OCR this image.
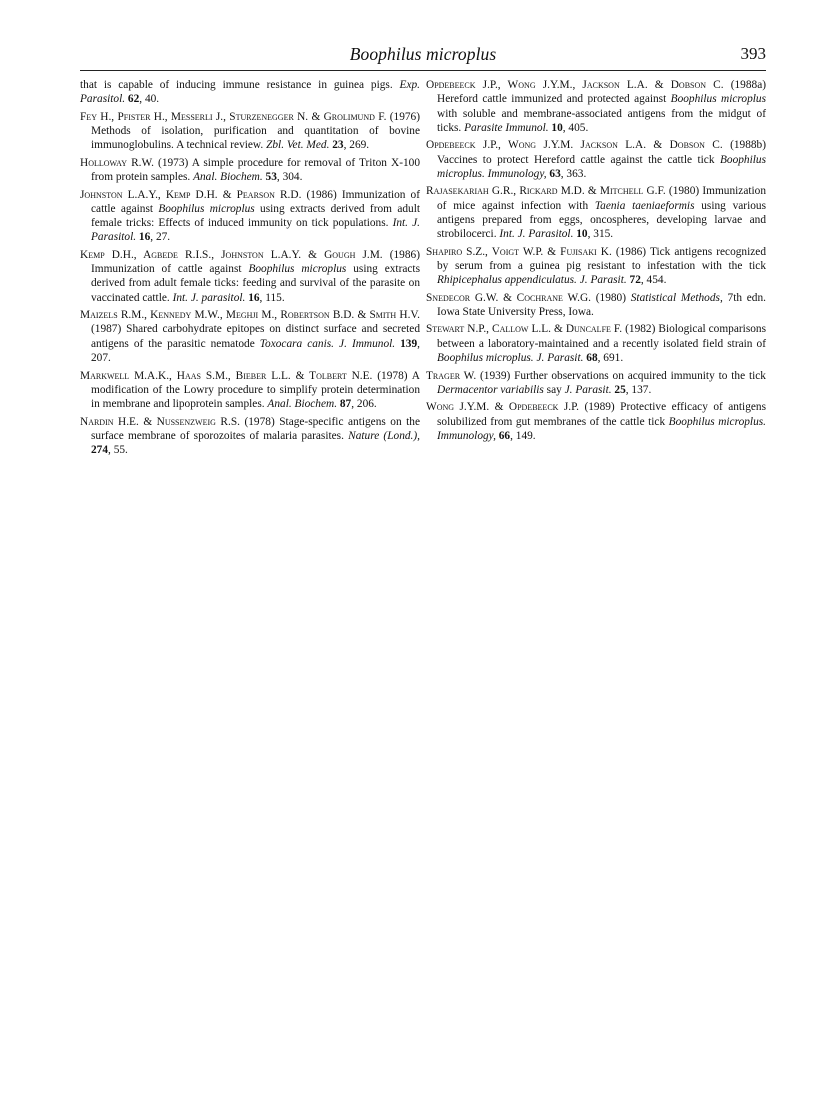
Boophilus microplus	393

that is capable of inducing immune resistance in guinea pigs. Exp. Parasitol. 62, 40.

Fey H., Pfister H., Messerli J., Sturzenegger N. & Grolimund F. (1976) Methods of isolation, purification and quantitation of bovine immunoglobulins. A technical review. Zbl. Vet. Med. 23, 269.

Holloway R.W. (1973) A simple procedure for removal of Triton X-100 from protein samples. Anal. Biochem. 53, 304.

Johnston L.A.Y., Kemp D.H. & Pearson R.D. (1986) Immunization of cattle against Boophilus microplus using extracts derived from adult female tricks: Effects of induced immunity on tick populations. Int. J. Parasitol. 16, 27.

Kemp D.H., Agbede R.I.S., Johnston L.A.Y. & Gough J.M. (1986) Immunization of cattle against Boophilus microplus using extracts derived from adult female ticks: feeding and survival of the parasite on vaccinated cattle. Int. J. parasitol. 16, 115.

Maizels R.M., Kennedy M.W., Meghji M., Robertson B.D. & Smith H.V. (1987) Shared carbohydrate epitopes on distinct surface and secreted antigens of the parasitic nematode Toxocara canis. J. Immunol. 139, 207.

Markwell M.A.K., Haas S.M., Bieber L.L. & Tolbert N.E. (1978) A modification of the Lowry procedure to simplify protein determination in membrane and lipoprotein samples. Anal. Biochem. 87, 206.

Nardin H.E. & Nussenzweig R.S. (1978) Stage-specific antigens on the surface membrane of sporozoites of malaria parasites. Nature (Lond.), 274, 55.

Opdebeeck J.P., Wong J.Y.M., Jackson L.A. & Dobson C. (1988a) Hereford cattle immunized and protected against Boophilus microplus with soluble and membrane-associated antigens from the midgut of ticks. Parasite Immunol. 10, 405.

Opdebeeck J.P., Wong J.Y.M. Jackson L.A. & Dobson C. (1988b) Vaccines to protect Hereford cattle against the cattle tick Boophilus microplus. Immunology, 63, 363.

Rajasekariah G.R., Rickard M.D. & Mitchell G.F. (1980) Immunization of mice against infection with Taenia taeniaeformis using various antigens prepared from eggs, oncospheres, developing larvae and strobilocerci. Int. J. Parasitol. 10, 315.

Shapiro S.Z., Voigt W.P. & Fujisaki K. (1986) Tick antigens recognized by serum from a guinea pig resistant to infestation with the tick Rhipicephalus appendiculatus. J. Parasit. 72, 454.

Snedecor G.W. & Cochrane W.G. (1980) Statistical Methods, 7th edn. Iowa State University Press, Iowa.

Stewart N.P., Callow L.L. & Duncalfe F. (1982) Biological comparisons between a laboratory-maintained and a recently isolated field strain of Boophilus microplus. J. Parasit. 68, 691.

Trager W. (1939) Further observations on acquired immunity to the tick Dermacentor variabilis say J. Parasit. 25, 137.

Wong J.Y.M. & Opdebeeck J.P. (1989) Protective efficacy of antigens solubilized from gut membranes of the cattle tick Boophilus microplus. Immunology, 66, 149.
